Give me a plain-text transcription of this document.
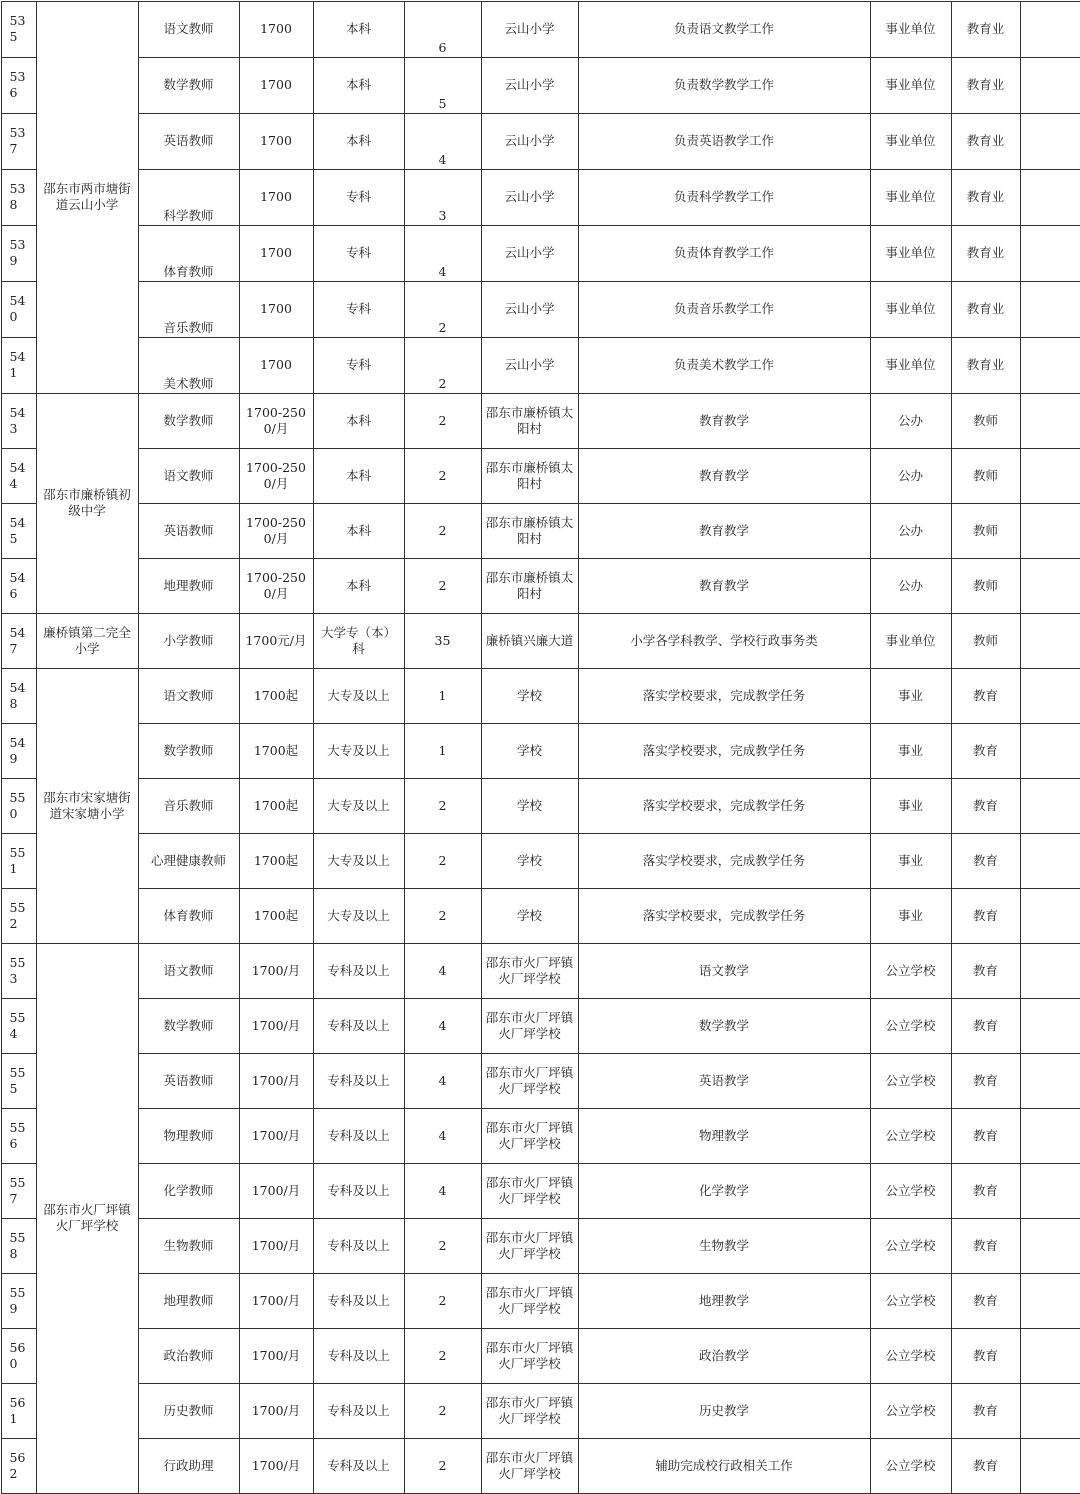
535	邵东市两市塘街道云山小学	语文教师	1700	本科	6	云山小学	负责语文教学工作	事业单位	教育业	
536		数学教师	1700	本科	5	云山小学	负责数学教学工作	事业单位	教育业	
537		英语教师	1700	本科	4	云山小学	负责英语教学工作	事业单位	教育业	
538		科学教师	1700	专科	3	云山小学	负责科学教学工作	事业单位	教育业	
539		体育教师	1700	专科	4	云山小学	负责体育教学工作	事业单位	教育业	
540		音乐教师	1700	专科	2	云山小学	负责音乐教学工作	事业单位	教育业	
541		美术教师	1700	专科	2	云山小学	负责美术教学工作	事业单位	教育业	
543	邵东市廉桥镇初级中学	数学教师	1700-2500/月	本科	2	邵东市廉桥镇太阳村	教育教学	公办	教师	
544		语文教师	1700-2500/月	本科	2	邵东市廉桥镇太阳村	教育教学	公办	教师	
545		英语教师	1700-2500/月	本科	2	邵东市廉桥镇太阳村	教育教学	公办	教师	
546		地理教师	1700-2500/月	本科	2	邵东市廉桥镇太阳村	教育教学	公办	教师	
547	廉桥镇第二完全小学	小学教师	1700元/月	大学专（本）科	35	廉桥镇兴廉大道	小学各学科教学、学校行政事务类	事业单位	教师	
548	邵东市宋家塘街道宋家塘小学	语文教师	1700起	大专及以上	1	学校	落实学校要求，完成教学任务	事业	教育	
549		数学教师	1700起	大专及以上	1	学校	落实学校要求，完成教学任务	事业	教育	
550		音乐教师	1700起	大专及以上	2	学校	落实学校要求，完成教学任务	事业	教育	
551		心理健康教师	1700起	大专及以上	2	学校	落实学校要求，完成教学任务	事业	教育	
552		体育教师	1700起	大专及以上	2	学校	落实学校要求，完成教学任务	事业	教育	
553	邵东市火厂坪镇火厂坪学校	语文教师	1700/月	专科及以上	4	邵东市火厂坪镇火厂坪学校	语文教学	公立学校	教育	
554		数学教师	1700/月	专科及以上	4	邵东市火厂坪镇火厂坪学校	数学教学	公立学校	教育	
555		英语教师	1700/月	专科及以上	4	邵东市火厂坪镇火厂坪学校	英语教学	公立学校	教育	
556		物理教师	1700/月	专科及以上	4	邵东市火厂坪镇火厂坪学校	物理教学	公立学校	教育	
557		化学教师	1700/月	专科及以上	4	邵东市火厂坪镇火厂坪学校	化学教学	公立学校	教育	
558		生物教师	1700/月	专科及以上	2	邵东市火厂坪镇火厂坪学校	生物教学	公立学校	教育	
559		地理教师	1700/月	专科及以上	2	邵东市火厂坪镇火厂坪学校	地理教学	公立学校	教育	
560		政治教师	1700/月	专科及以上	2	邵东市火厂坪镇火厂坪学校	政治教学	公立学校	教育	
561		历史教师	1700/月	专科及以上	2	邵东市火厂坪镇火厂坪学校	历史教学	公立学校	教育	
562		行政助理	1700/月	专科及以上	2	邵东市火厂坪镇火厂坪学校	辅助完成校行政相关工作	公立学校	教育	
